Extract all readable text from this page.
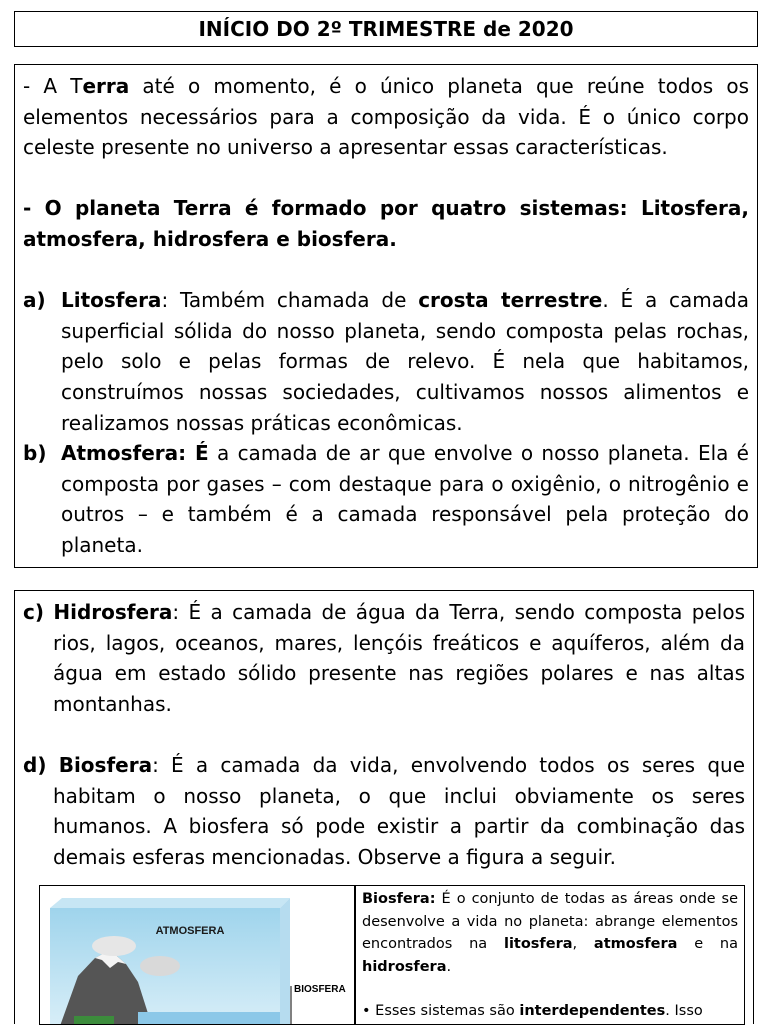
INÍCIO DO 2º TRIMESTRE de 2020

- A Terra até o momento, é o único planeta que reúne todos os elementos necessários para a composição da vida. É o único corpo celeste presente no universo a apresentar essas características.

- O planeta Terra é formado por quatro sistemas: Litosfera, atmosfera, hidrosfera e biosfera.

a) Litosfera: Também chamada de crosta terrestre. É a camada superficial sólida do nosso planeta, sendo composta pelas rochas, pelo solo e pelas formas de relevo. É nela que habitamos, construímos nossas sociedades, cultivamos nossos alimentos e realizamos nossas práticas econômicas.
b) Atmosfera: É a camada de ar que envolve o nosso planeta. Ela é composta por gases – com destaque para o oxigênio, o nitrogênio e outros – e também é a camada responsável pela proteção do planeta.

c) Hidrosfera: É a camada de água da Terra, sendo composta pelos rios, lagos, oceanos, mares, lençóis freáticos e aquíferos, além da água em estado sólido presente nas regiões polares e nas altas montanhas.

d) Biosfera: É a camada da vida, envolvendo todos os seres que habitam o nosso planeta, o que inclui obviamente os seres humanos. A biosfera só pode existir a partir da combinação das demais esferas mencionadas. Observe a figura a seguir.

ATMOSFERA
BIOSFERA

Biosfera: É o conjunto de todas as áreas onde se desenvolve a vida no planeta: abrange elementos encontrados na litosfera, atmosfera e na hidrosfera.

• Esses sistemas são interdependentes. Isso
